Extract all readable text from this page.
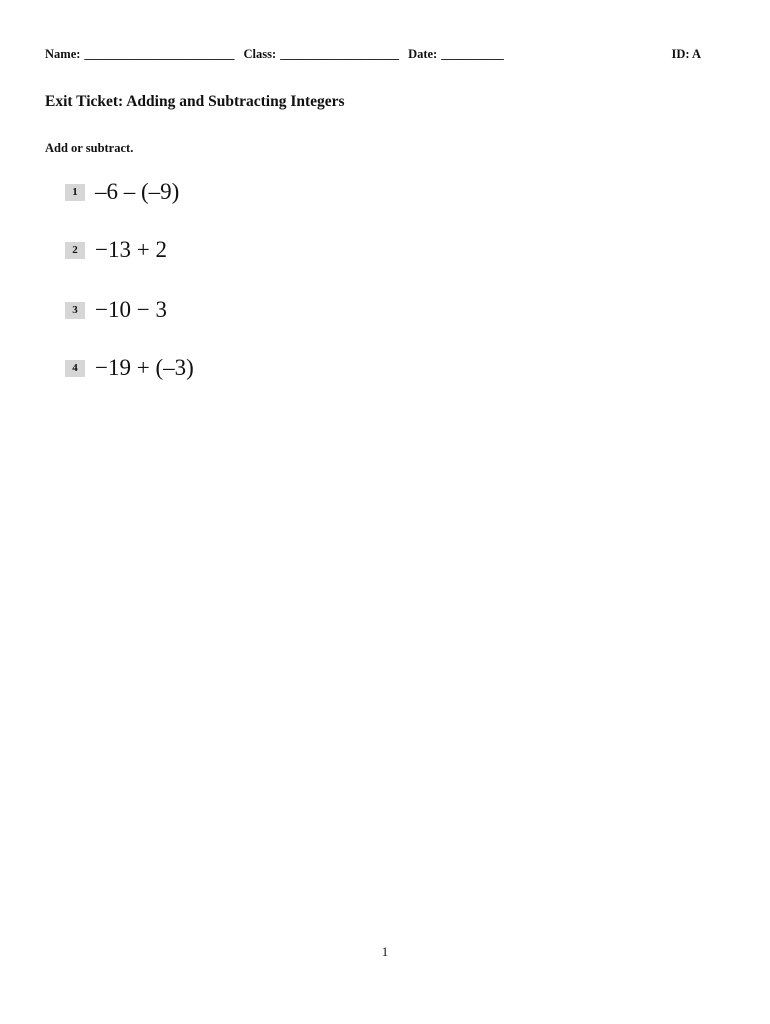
Name: ________________________ Class: ___________________ Date: __________	ID: A
Exit Ticket: Adding and Subtracting Integers
Add or subtract.
1 –6 – (–9)
2 −13 + 2
3 −10 − 3
4 −19 + (–3)
1
